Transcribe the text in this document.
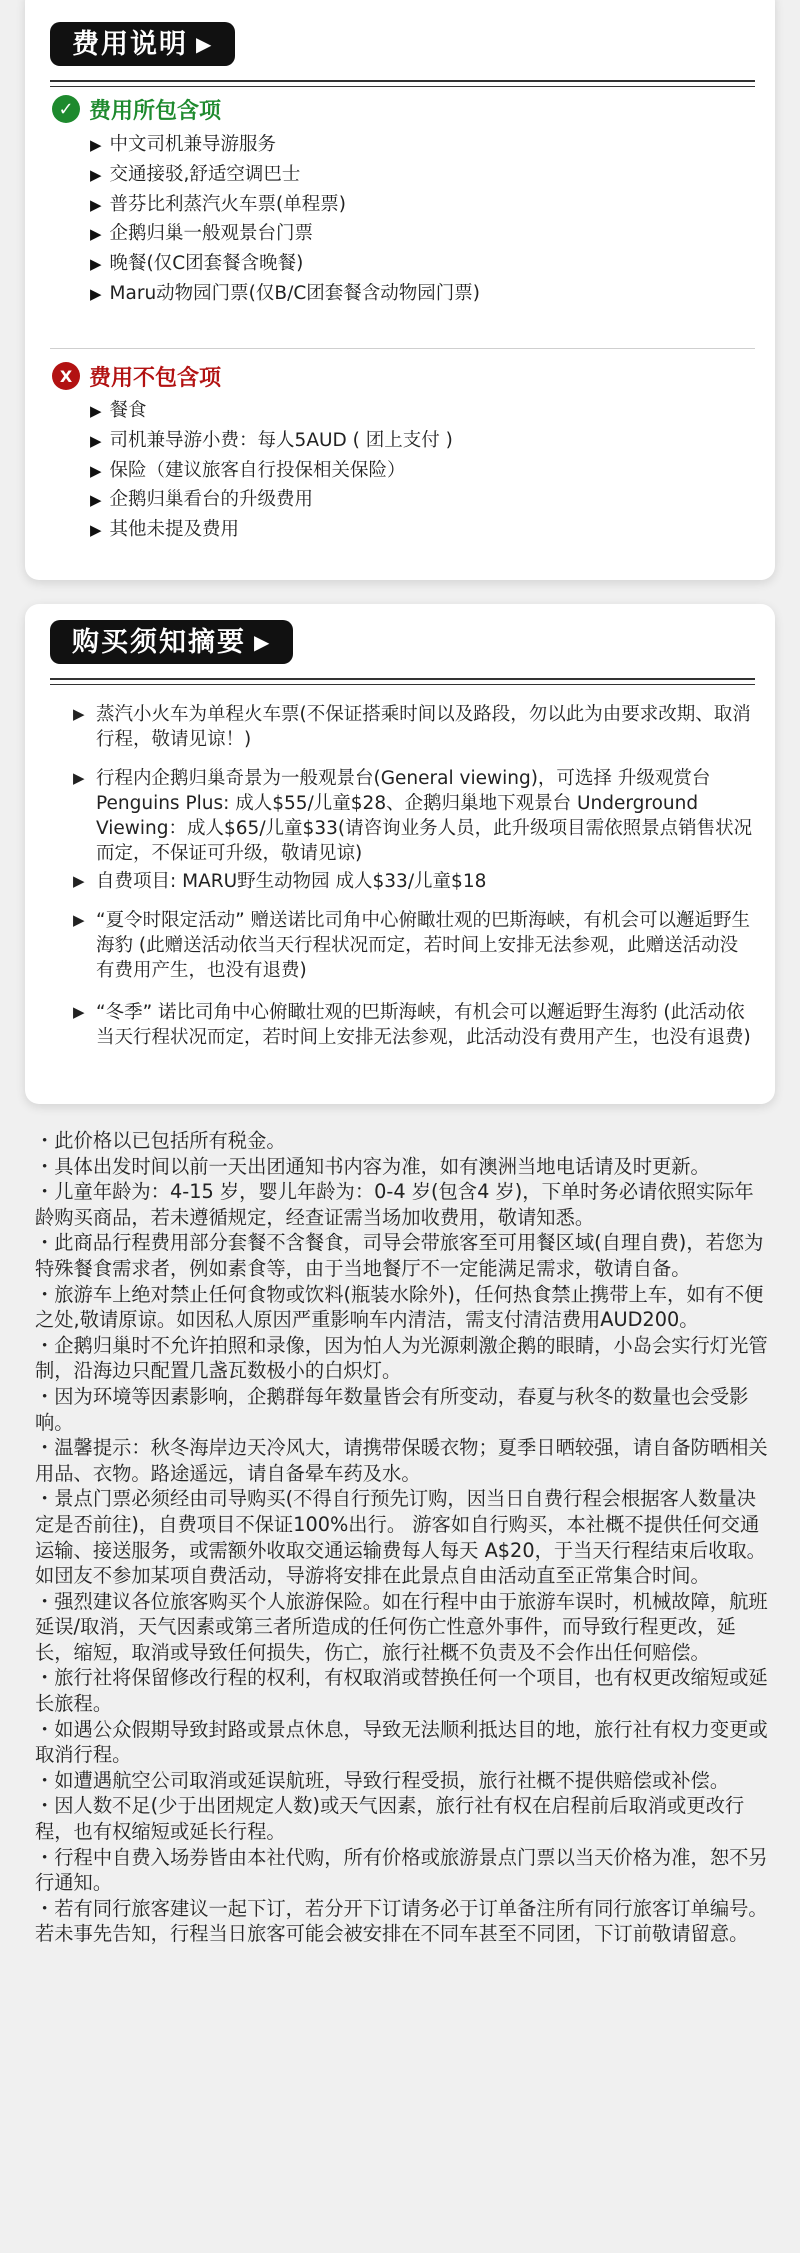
费用说明 ▶
✓ 费用所包含项
▶ 中文司机兼导游服务
▶ 交通接驳,舒适空调巴士
▶ 普芬比利蒸汽火车票(单程票)
▶ 企鹅归巢一般观景台门票
▶ 晚餐(仅C团套餐含晚餐)
▶ Maru动物园门票(仅B/C团套餐含动物园门票)
X 费用不包含项
▶ 餐食
▶ 司机兼导游小费：每人5AUD ( 团上支付 )
▶ 保险（建议旅客自行投保相关保险）
▶ 企鹅归巢看台的升级费用
▶ 其他未提及费用
购买须知摘要 ▶
▶ 蒸汽小火车为单程火车票(不保证搭乘时间以及路段，勿以此为由要求改期、取消行程，敬请见谅！)
▶ 行程内企鹅归巢奇景为一般观景台(General viewing)，可选择 升级观赏台 Penguins Plus: 成人$55/儿童$28、企鹅归巢地下观景台 Underground Viewing：成人$65/儿童$33(请咨询业务人员，此升级项目需依照景点销售状况而定，不保证可升级，敬请见谅)
▶ 自费项目: MARU野生动物园 成人$33/儿童$18
▶ “夏令时限定活动” 赠送诺比司角中心俯瞰壮观的巴斯海峡，有机会可以邂逅野生海豹 (此赠送活动依当天行程状况而定，若时间上安排无法参观，此赠送活动没有费用产生，也没有退费)
▶ “冬季” 诺比司角中心俯瞰壮观的巴斯海峡，有机会可以邂逅野生海豹 (此活动依当天行程状况而定，若时间上安排无法参观，此活动没有费用产生，也没有退费)

・此价格以已包括所有税金。

・具体出发时间以前一天出团通知书内容为准，如有澳洲当地电话请及时更新。

・儿童年龄为：4-15 岁，婴儿年龄为：0-4 岁(包含4 岁)，下单时务必请依照实际年龄购买商品，若未遵循规定，经查证需当场加收费用，敬请知悉。

・此商品行程费用部分套餐不含餐食，司导会带旅客至可用餐区域(自理自费)，若您为特殊餐食需求者，例如素食等，由于当地餐厅不一定能满足需求，敬请自备。

・旅游车上绝对禁止任何食物或饮料(瓶装水除外)，任何热食禁止携带上车，如有不便之处,敬请原谅。如因私人原因严重影响车内清洁，需支付清洁费用AUD200。

・企鹅归巢时不允许拍照和录像，因为怕人为光源刺激企鹅的眼睛，小岛会实行灯光管制，沿海边只配置几盏瓦数极小的白炽灯。

・因为环境等因素影响，企鹅群每年数量皆会有所变动，春夏与秋冬的数量也会受影响。

・温馨提示：秋冬海岸边天冷风大，请携带保暖衣物；夏季日晒较强，请自备防晒相关用品、衣物。路途遥远，请自备晕车药及水。

・景点门票必须经由司导购买(不得自行预先订购，因当日自费行程会根据客人数量决定是否前往)，自费项目不保证100%出行。 游客如自行购买，本社概不提供任何交通运输、接送服务，或需额外收取交通运输费每人每天 A$20，于当天行程结束后收取。如団友不参加某项自费活动，导游将安排在此景点自由活动直至正常集合时间。

・强烈建议各位旅客购买个人旅游保险。如在行程中由于旅游车误时，机械故障，航班延误/取消，天气因素或第三者所造成的任何伤亡性意外事件，而导致行程更改，延长，缩短，取消或导致任何损失，伤亡，旅行社概不负责及不会作出任何赔偿。

・旅行社将保留修改行程的权利，有权取消或替换任何一个项目，也有权更改缩短或延长旅程。

・如遇公众假期导致封路或景点休息，导致无法顺利抵达目的地，旅行社有权力变更或取消行程。

・如遭遇航空公司取消或延误航班，导致行程受损，旅行社概不提供赔偿或补偿。

・因人数不足(少于出团规定人数)或天气因素，旅行社有权在启程前后取消或更改行程，也有权缩短或延长行程。

・行程中自费入场券皆由本社代购，所有价格或旅游景点门票以当天价格为准，恕不另行通知。

・若有同行旅客建议一起下订，若分开下订请务必于订单备注所有同行旅客订单编号。若未事先告知，行程当日旅客可能会被安排在不同车甚至不同团，下订前敬请留意。
